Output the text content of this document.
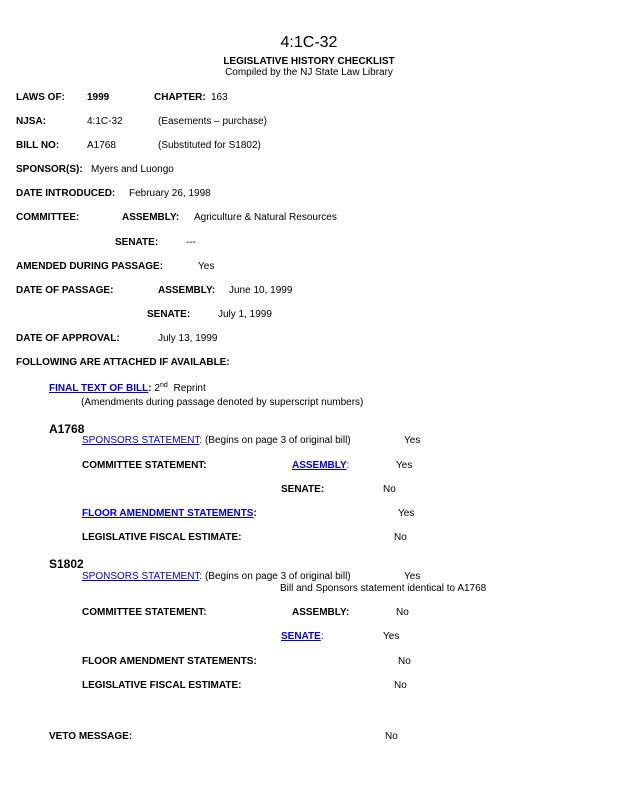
4:1C-32
LEGISLATIVE HISTORY CHECKLIST
Compiled by the NJ State Law Library
LAWS OF: 1999	CHAPTER: 163
NJSA:	4:1C-32	(Easements – purchase)
BILL NO:	A1768	(Substituted for S1802)
SPONSOR(S): Myers and Luongo
DATE INTRODUCED: February 26, 1998
COMMITTEE:	ASSEMBLY: Agriculture & Natural Resources
SENATE:	---
AMENDED DURING PASSAGE:	Yes
DATE OF PASSAGE:	ASSEMBLY: June 10, 1999
SENATE:	July 1, 1999
DATE OF APPROVAL:	July 13, 1999
FOLLOWING ARE ATTACHED IF AVAILABLE:
FINAL TEXT OF BILL: 2nd Reprint
(Amendments during passage denoted by superscript numbers)
A1768
SPONSORS STATEMENT: (Begins on page 3 of original bill)	Yes
COMMITTEE STATEMENT:	ASSEMBLY:	Yes
SENATE:	No
FLOOR AMENDMENT STATEMENTS:	Yes
LEGISLATIVE FISCAL ESTIMATE:	No
S1802
SPONSORS STATEMENT: (Begins on page 3 of original bill)	Yes
Bill and Sponsors statement identical to A1768
COMMITTEE STATEMENT:	ASSEMBLY:	No
SENATE:	Yes
FLOOR AMENDMENT STATEMENTS:	No
LEGISLATIVE FISCAL ESTIMATE:	No
VETO MESSAGE:	No
